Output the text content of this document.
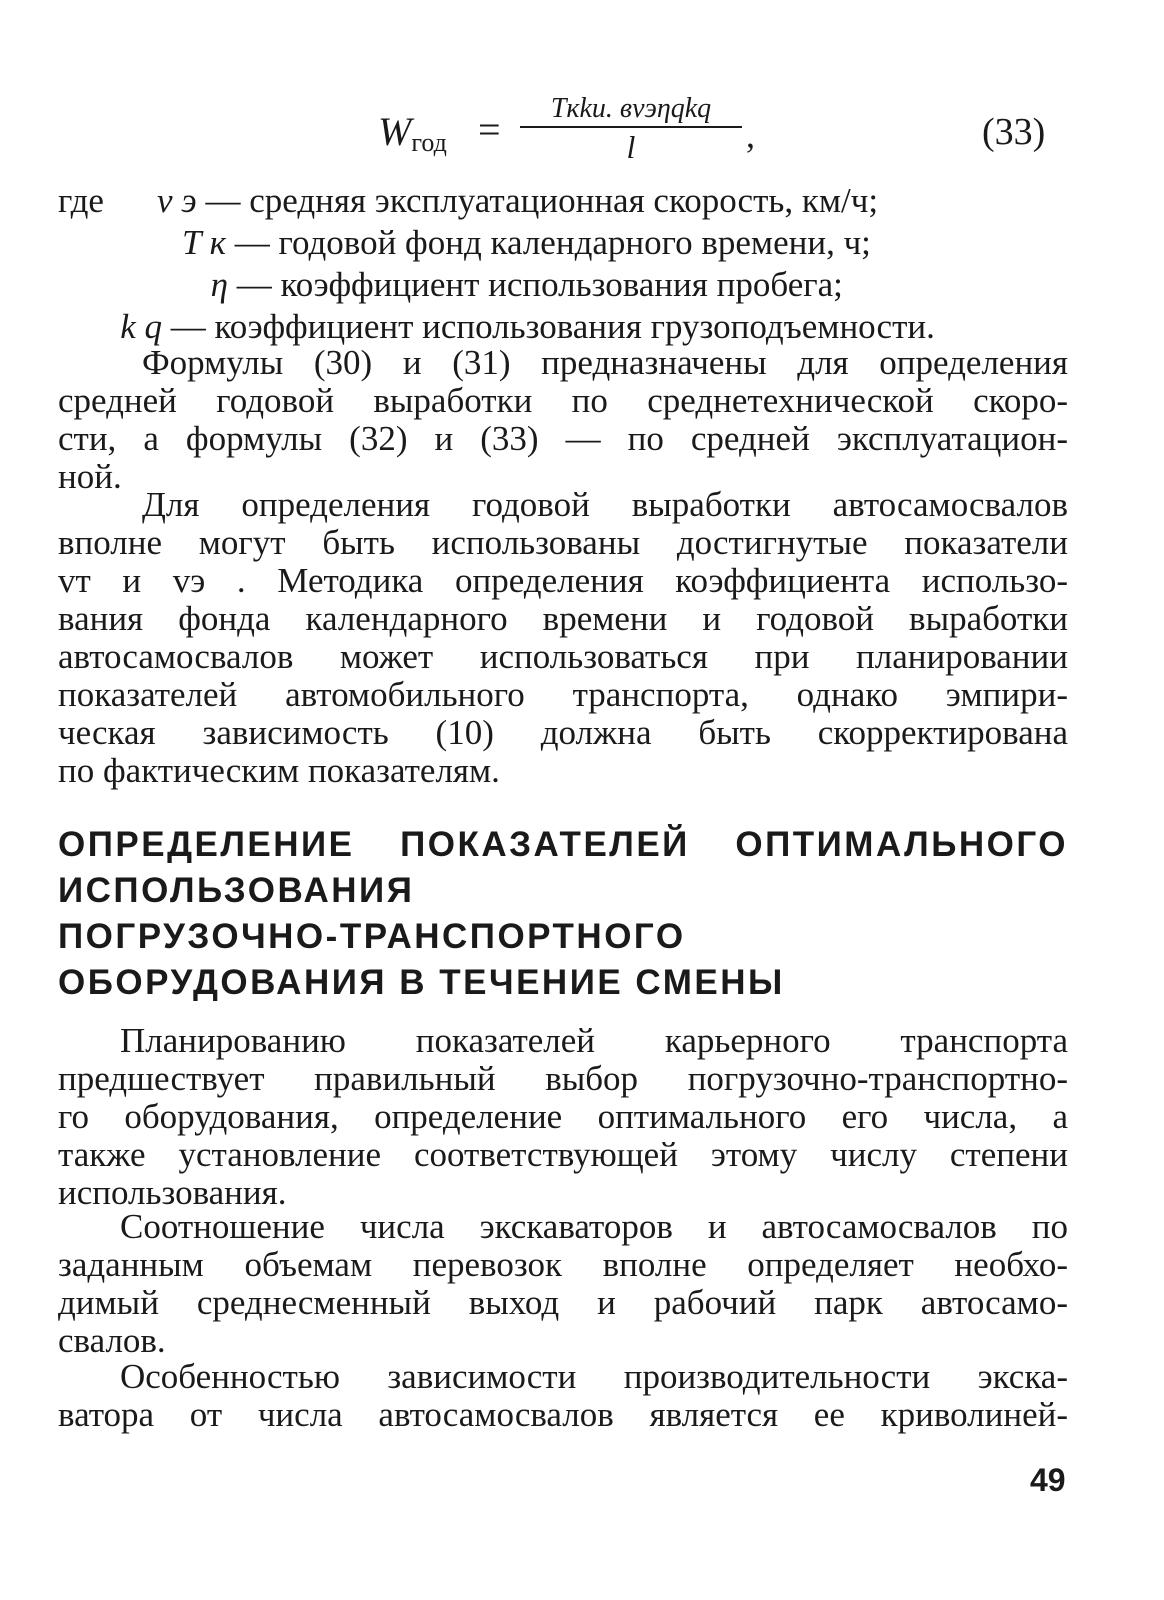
$W_{год}$ =	Tкkи. вvэηqkq
l	,	(33)
где v э — средняя эксплуатационная скорость, км/ч;
T к — годовой фонд календарного времени, ч;
η — коэффициент использования пробега;
k q — коэффициент использования грузоподъемности.
Формулы (30) и (31) предназначены для определения
средней годовой выработки по среднетехнической скоро-
сти, а формулы (32) и (33) — по средней эксплуатацион-
ной.
Для определения годовой выработки автосамосвалов
вполне могут быть использованы достигнутые показатели
vт и vэ . Методика определения коэффициента использо-
вания фонда календарного времени и годовой выработки
автосамосвалов может использоваться при планировании
показателей автомобильного транспорта, однако эмпири-
ческая зависимость (10) должна быть скорректирована
по фактическим показателям.
ОПРЕДЕЛЕНИЕ ПОКАЗАТЕЛЕЙ ОПТИМАЛЬНОГО
ИСПОЛЬЗОВАНИЯ
ПОГРУЗОЧНО-ТРАНСПОРТНОГО
ОБОРУДОВАНИЯ В ТЕЧЕНИЕ СМЕНЫ
Планированию показателей карьерного транспорта
предшествует правильный выбор погрузочно-транспортно-
го оборудования, определение оптимального его числа, а
также установление соответствующей этому числу степени
использования.
Соотношение числа экскаваторов и автосамосвалов по
заданным объемам перевозок вполне определяет необхо-
димый среднесменный выход и рабочий парк автосамо-
свалов.
Особенностью зависимости производительности экска-
ватора от числа автосамосвалов является ее криволиней-
49
